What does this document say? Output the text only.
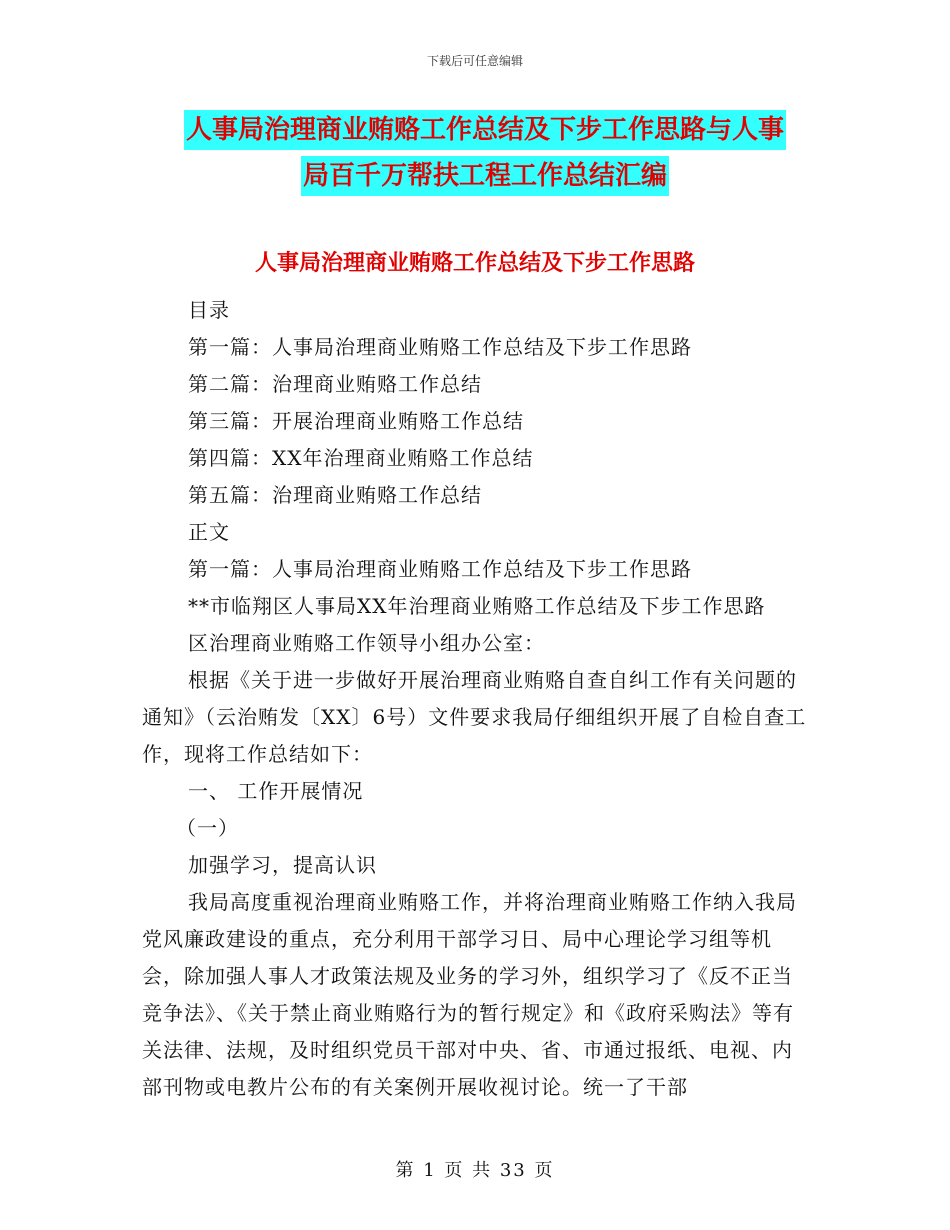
下载后可任意编辑
人事局治理商业贿赂工作总结及下步工作思路与人事
局百千万帮扶工程工作总结汇编
人事局治理商业贿赂工作总结及下步工作思路

目录

第一篇：人事局治理商业贿赂工作总结及下步工作思路

第二篇：治理商业贿赂工作总结

第三篇：开展治理商业贿赂工作总结

第四篇：XX年治理商业贿赂工作总结

第五篇：治理商业贿赂工作总结

正文

第一篇：人事局治理商业贿赂工作总结及下步工作思路

**市临翔区人事局XX年治理商业贿赂工作总结及下步工作思路

区治理商业贿赂工作领导小组办公室：

根据《关于进一步做好开展治理商业贿赂自查自纠工作有关问题的通知》（云治贿发〔XX〕6号）文件要求我局仔细组织开展了自检自查工作，现将工作总结如下：

一、 工作开展情况

（一）

加强学习，提高认识

我局高度重视治理商业贿赂工作，并将治理商业贿赂工作纳入我局党风廉政建设的重点，充分利用干部学习日、局中心理论学习组等机会，除加强人事人才政策法规及业务的学习外，组织学习了《反不正当竞争法》、《关于禁止商业贿赂行为的暂行规定》和《政府采购法》等有关法律、法规，及时组织党员干部对中央、省、市通过报纸、电视、内部刊物或电教片公布的有关案例开展收视讨论。统一了干部

第 1 页 共 33 页
